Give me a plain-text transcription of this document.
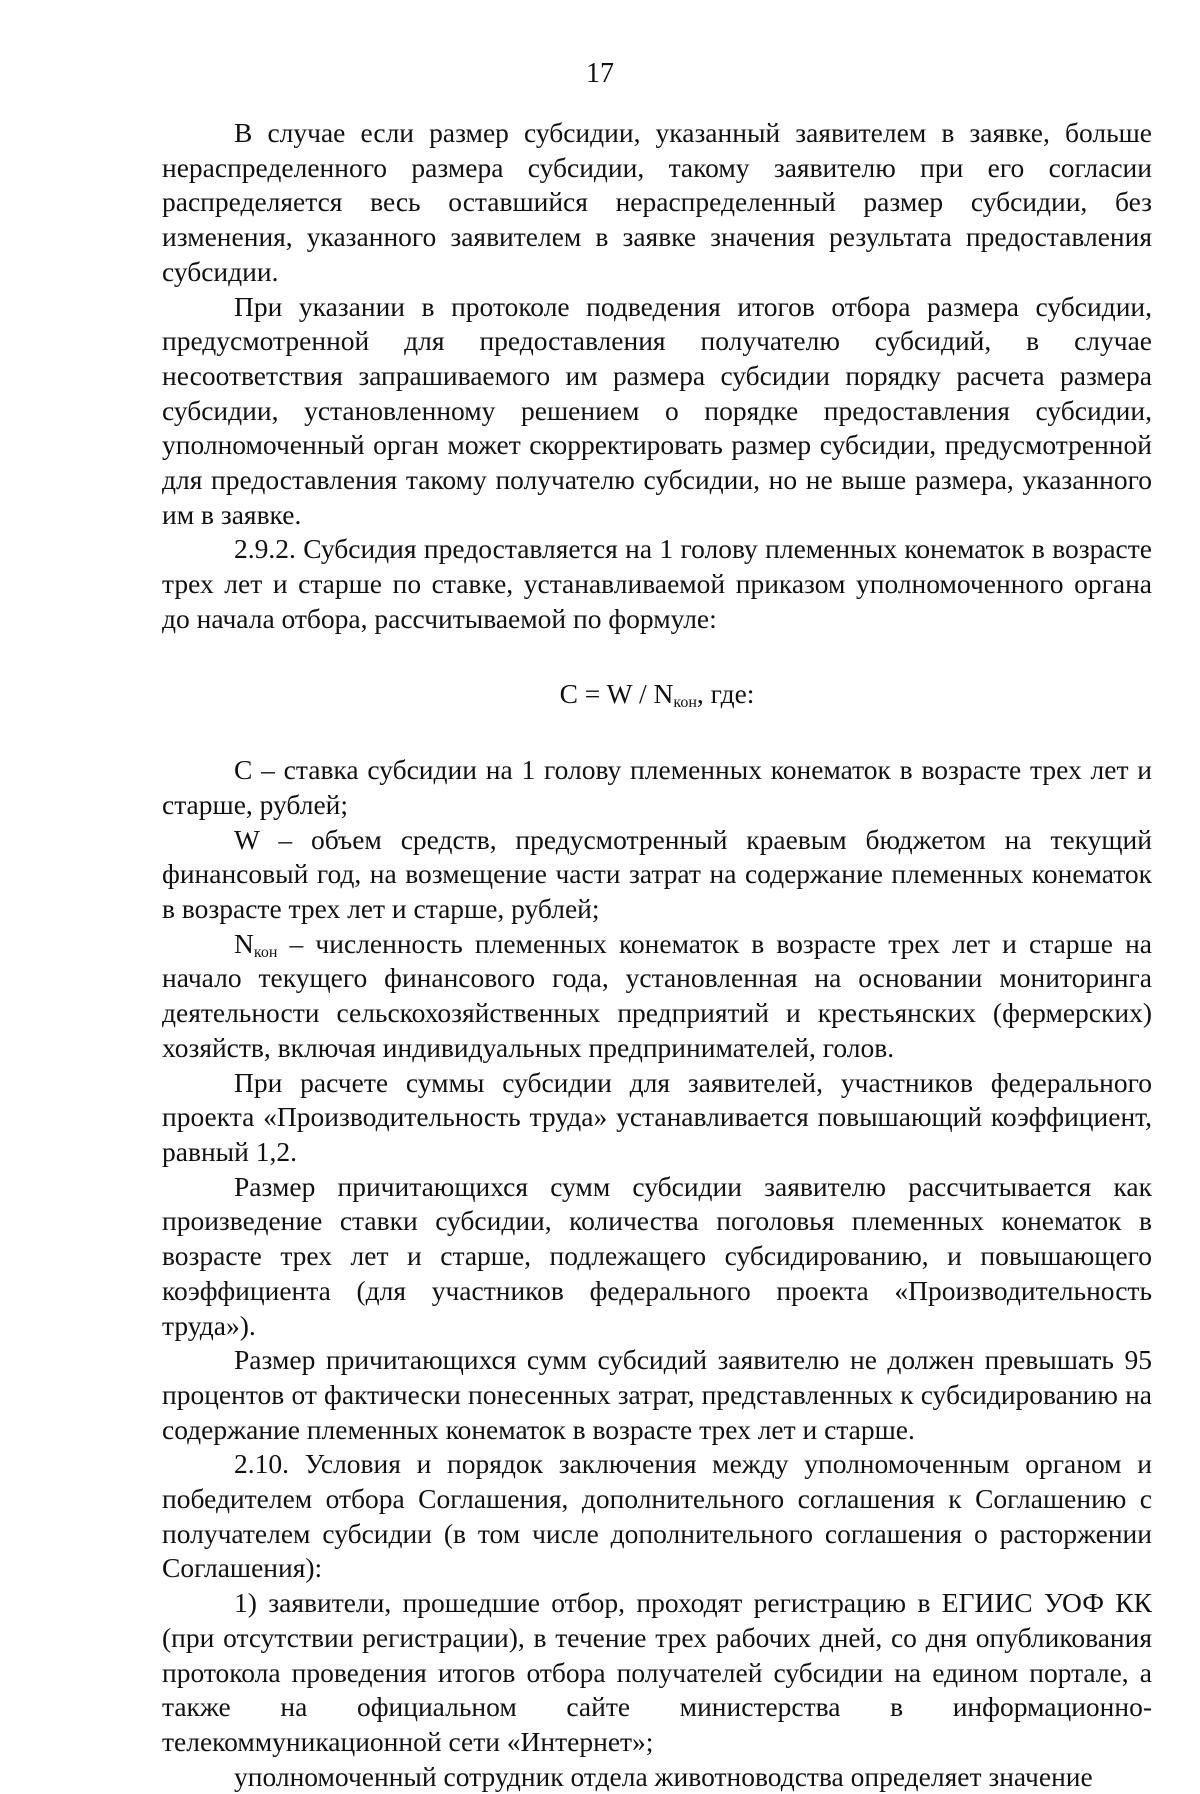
17

В случае если размер субсидии, указанный заявителем в заявке, больше нераспределенного размера субсидии, такому заявителю при его согласии распределяется весь оставшийся нераспределенный размер субсидии, без изменения, указанного заявителем в заявке значения результата предоставления субсидии.

При указании в протоколе подведения итогов отбора размера субсидии, предусмотренной для предоставления получателю субсидий, в случае несоответствия запрашиваемого им размера субсидии порядку расчета размера субсидии, установленному решением о порядке предоставления субсидии, уполномоченный орган может скорректировать размер субсидии, предусмотренной для предоставления такому получателю субсидии, но не выше размера, указанного им в заявке.

2.9.2. Субсидия предоставляется на 1 голову племенных конематок в возрасте трех лет и старше по ставке, устанавливаемой приказом уполномоченного органа до начала отбора, рассчитываемой по формуле:

$C = W / N_{кон}$, где:

C – ставка субсидии на 1 голову племенных конематок в возрасте трех лет и старше, рублей;

W – объем средств, предусмотренный краевым бюджетом на текущий финансовый год, на возмещение части затрат на содержание племенных конематок в возрасте трех лет и старше, рублей;

$N_{кон}$ – численность племенных конематок в возрасте трех лет и старше на начало текущего финансового года, установленная на основании мониторинга деятельности сельскохозяйственных предприятий и крестьянских (фермерских) хозяйств, включая индивидуальных предпринимателей, голов.

При расчете суммы субсидии для заявителей, участников федерального проекта «Производительность труда» устанавливается повышающий коэффициент, равный 1,2.

Размер причитающихся сумм субсидии заявителю рассчитывается как произведение ставки субсидии, количества поголовья племенных конематок в возрасте трех лет и старше, подлежащего субсидированию, и повышающего коэффициента (для участников федерального проекта «Производительность труда»).

Размер причитающихся сумм субсидий заявителю не должен превышать 95 процентов от фактически понесенных затрат, представленных к субсидированию на содержание племенных конематок в возрасте трех лет и старше.

2.10. Условия и порядок заключения между уполномоченным органом и победителем отбора Соглашения, дополнительного соглашения к Соглашению с получателем субсидии (в том числе дополнительного соглашения о расторжении Соглашения):

1) заявители, прошедшие отбор, проходят регистрацию в ЕГИИС УОФ КК (при отсутствии регистрации), в течение трех рабочих дней, со дня опубликования протокола проведения итогов отбора получателей субсидии на едином портале, а также на официальном сайте министерства в информационно-телекоммуникационной сети «Интернет»;

уполномоченный сотрудник отдела животноводства определяет значение
